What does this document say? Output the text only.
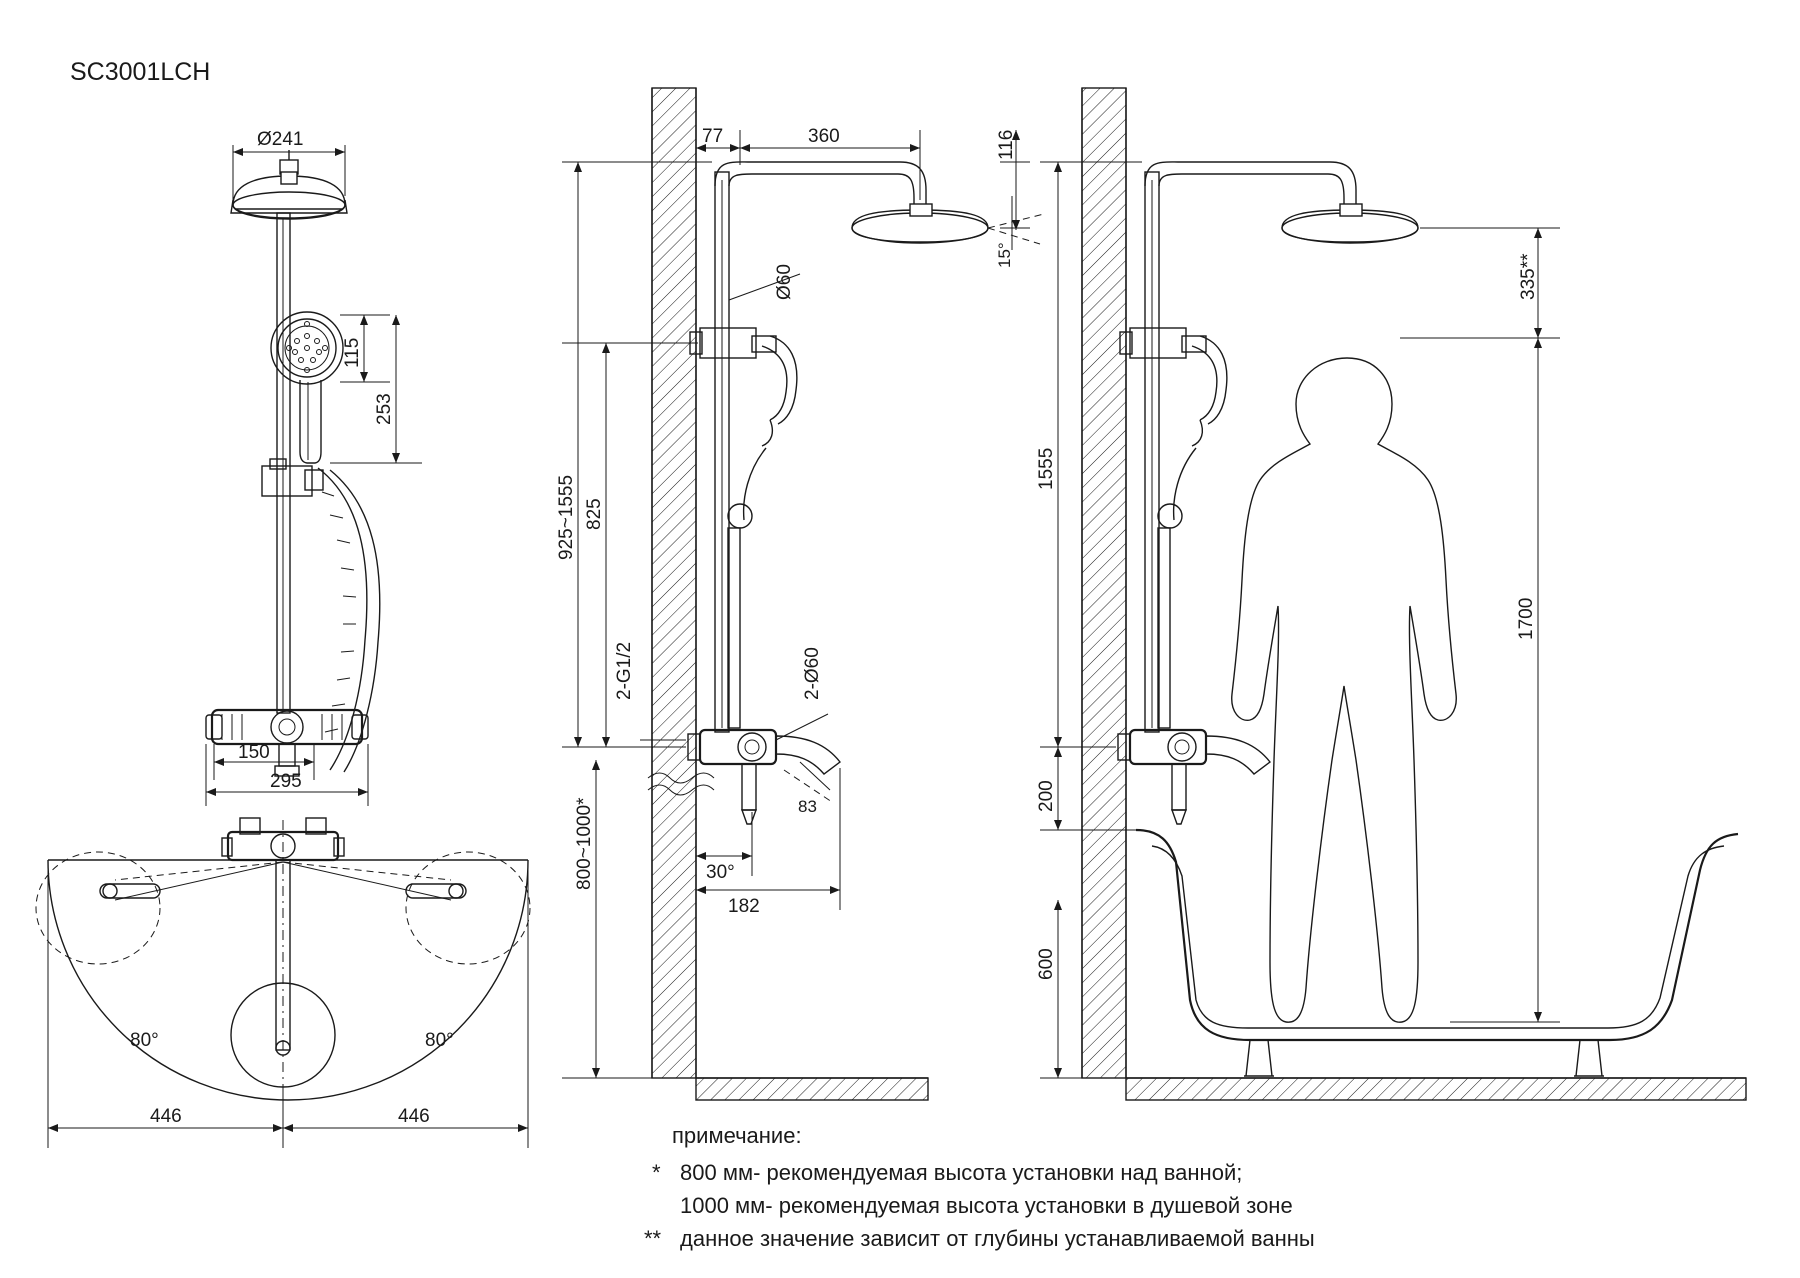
SC3001LCH
Ø241
115
253
150
295
80°	80°
446	446
15°
83
77	360	116
Ø60
925~1555 825
2-G1/2	2-Ø60
800~1000*	30°
182
335**
1555
200
600
1700
примечание:
* 800 мм- рекомендуемая высота установки над ванной;
1000 мм- рекомендуемая высота установки в душевой зоне
** данное значение зависит от глубины устанавливаемой ванны
